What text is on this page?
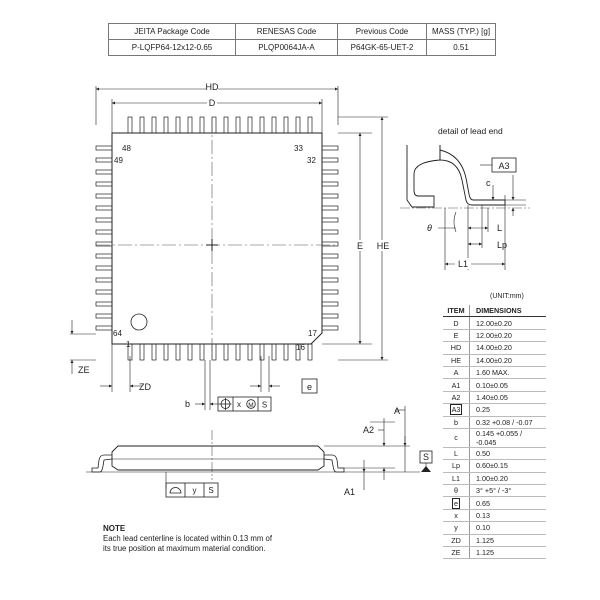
JEITA Package Code	RENESAS Code	Previous Code	MASS (TYP.) [g]
P-LQFP64-12x12-0.65	PLQP0064JA-A	P64GK-65-UET-2	0.51
HD
D
E HE
48
49
33
32
64
1
17
16
ZE
ZD	e
b	x M S
detail of lead end
A3
c
θ	L
Lp
L1
A
A2
A1
S
y S
(UNIT:mm)
ITEM	DIMENSIONS
D	12.00±0.20
E	12.00±0.20
HD	14.00±0.20
HE	14.00±0.20
A	1.60 MAX.
A1	0.10±0.05
A2	1.40±0.05
A3	0.25
b	0.32 +0.08 / -0.07
c	0.145 +0.055 / -0.045
L	0.50
Lp	0.60±0.15
L1	1.00±0.20
θ	3° +5° / -3°
e	0.65
x	0.13
y	0.10
ZD	1.125
ZE	1.125
NOTE
Each lead centerline is located within 0.13 mm of
its true position at maximum material condition.
